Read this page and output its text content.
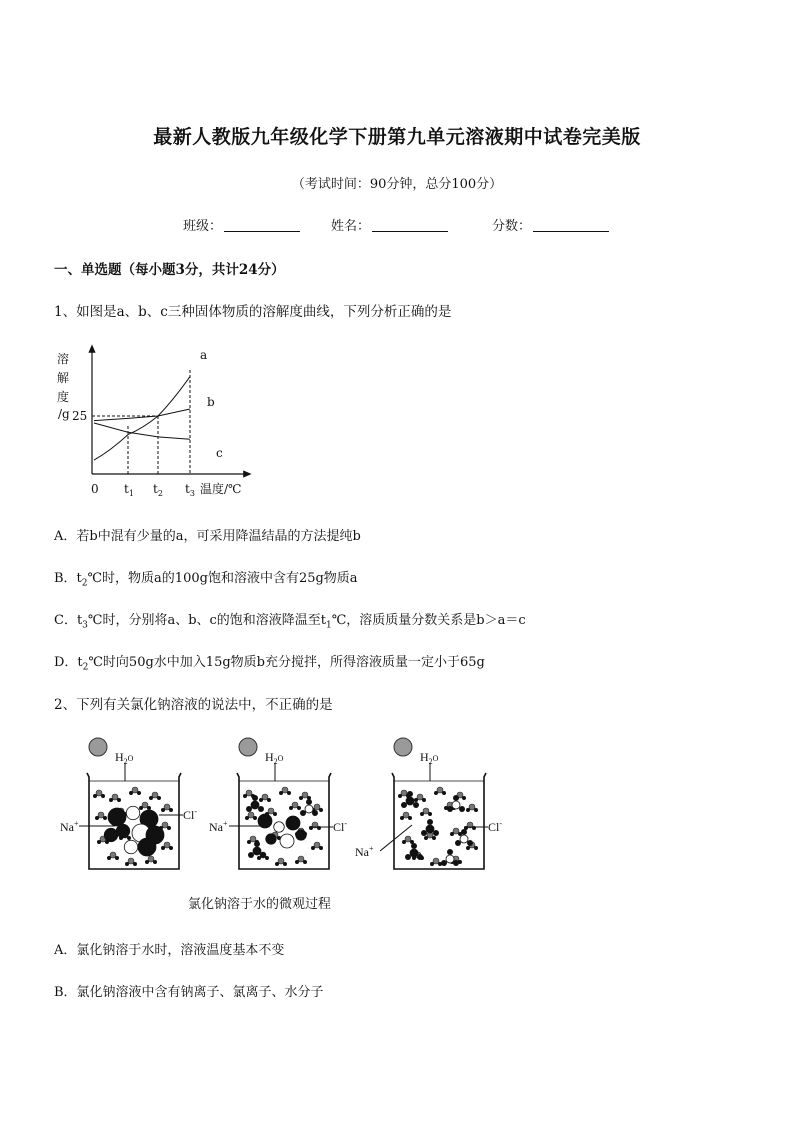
最新人教版九年级化学下册第九单元溶液期中试卷完美版
（考试时间：90分钟，总分100分）
班级：	姓名：	分数：
一、单选题（每小题3分，共计24分）
1、如图是a、b、c三种固体物质的溶解度曲线，下列分析正确的是
溶
解
度
/g 25
a
b
c
0 $t_1$ $t_2$ $t_3$ 温度/℃
A．若b中混有少量的a，可采用降温结晶的方法提纯b
B．$t_2℃$时，物质a的100g饱和溶液中含有25g物质a
C．$t_3℃$时，分别将a、b、c的饱和溶液降温至$t_1℃$，溶质质量分数关系是b＞a＝c
D．$t_2℃$时向50g水中加入15g物质b充分搅拌，所得溶液质量一定小于65g
2、下列有关氯化钠溶液的说法中，不正确的是
$H_2^O$
Na+
Cl-
$H_2^O$
Na+	Cl-
$H_2^O$
Na+
Cl-
氯化钠溶于水的微观过程
A．氯化钠溶于水时，溶液温度基本不变
B．氯化钠溶液中含有钠离子、氯离子、水分子
